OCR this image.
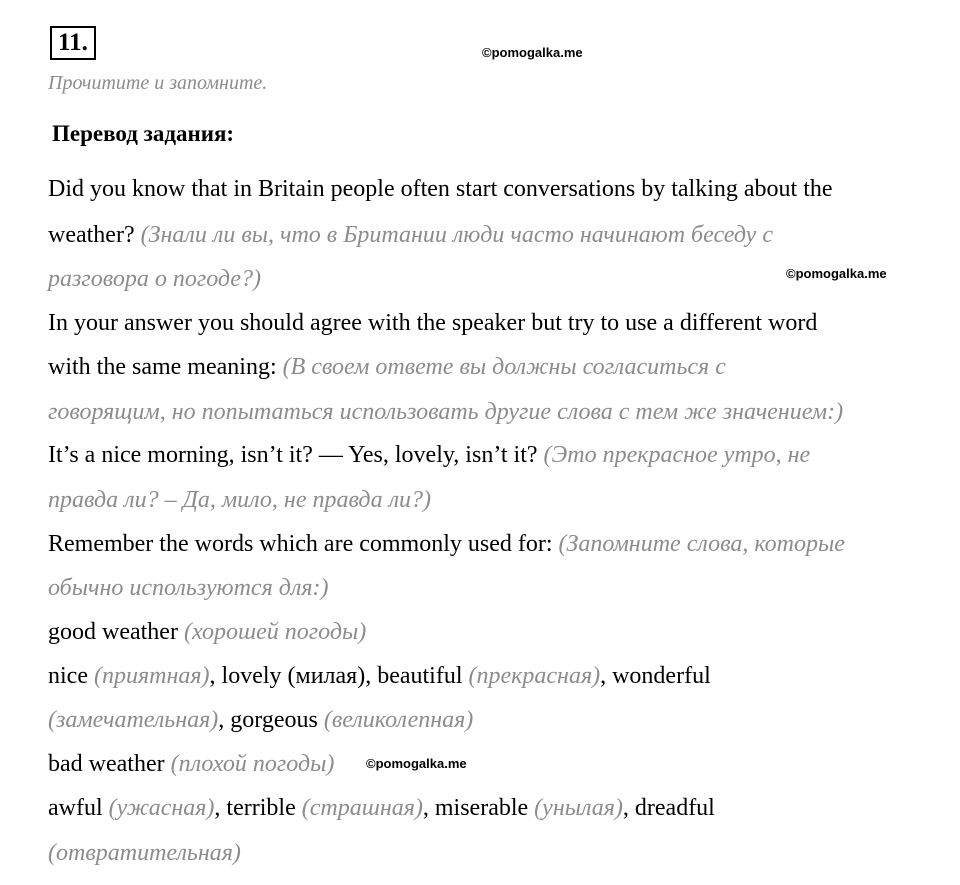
11.	©pomogalka.me
Прочитите и запомните.
Перевод задания:
©pomogalka.me
©pomogalka.me
Did you know that in Britain people often start conversations by talking about the
weather? (Знали ли вы, что в Британии люди часто начинают беседу с
разговора о погоде?)
In your answer you should agree with the speaker but try to use a different word
with the same meaning: (В своем ответе вы должны согласиться с
говорящим, но попытаться использовать другие слова с тем же значением:)
It’s a nice morning, isn’t it? — Yes, lovely, isn’t it? (Это прекрасное утро, не
правда ли? – Да, мило, не правда ли?)
Remember the words which are commonly used for: (Запомните слова, которые
обычно используются для:)
good weather (хорошей погоды)
nice (приятная), lovely (милая), beautiful (прекрасная), wonderful
(замечательная), gorgeous (великолепная)
bad weather (плохой погоды)
awful (ужасная), terrible (страшная), miserable (унылая), dreadful
(отвратительная)
